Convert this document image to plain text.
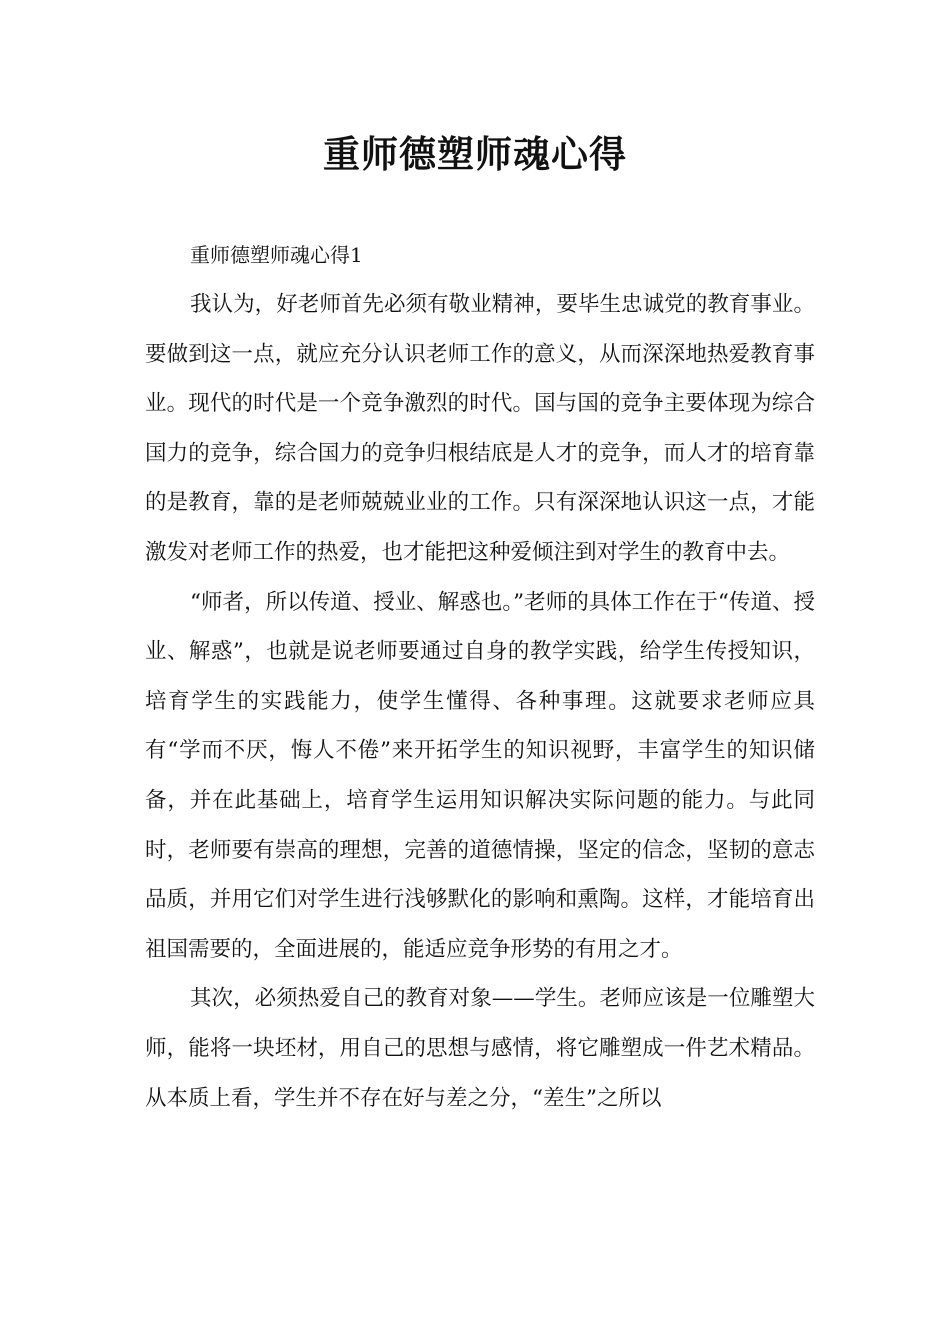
重师德塑师魂心得

重师德塑师魂心得1

我认为，好老师首先必须有敬业精神，要毕生忠诚党的教育事业。要做到这一点，就应充分认识老师工作的意义，从而深深地热爱教育事业。现代的时代是一个竞争激烈的时代。国与国的竞争主要体现为综合国力的竞争，综合国力的竞争归根结底是人才的竞争，而人才的培育靠的是教育，靠的是老师兢兢业业的工作。只有深深地认识这一点，才能激发对老师工作的热爱，也才能把这种爱倾注到对学生的教育中去。

“师者，所以传道、授业、解惑也。”老师的具体工作在于“传道、授业、解惑”，也就是说老师要通过自身的教学实践，给学生传授知识，培育学生的实践能力，使学生懂得、各种事理。这就要求老师应具有“学而不厌，悔人不倦”来开拓学生的知识视野，丰富学生的知识储备，并在此基础上，培育学生运用知识解决实际问题的能力。与此同时，老师要有崇高的理想，完善的道德情操，坚定的信念，坚韧的意志品质，并用它们对学生进行浅够默化的影响和熏陶。这样，才能培育出祖国需要的，全面进展的，能适应竞争形势的有用之才。

其次，必须热爱自己的教育对象——学生。老师应该是一位雕塑大师，能将一块坯材，用自己的思想与感情，将它雕塑成一件艺术精品。从本质上看，学生并不存在好与差之分，“差生”之所以
